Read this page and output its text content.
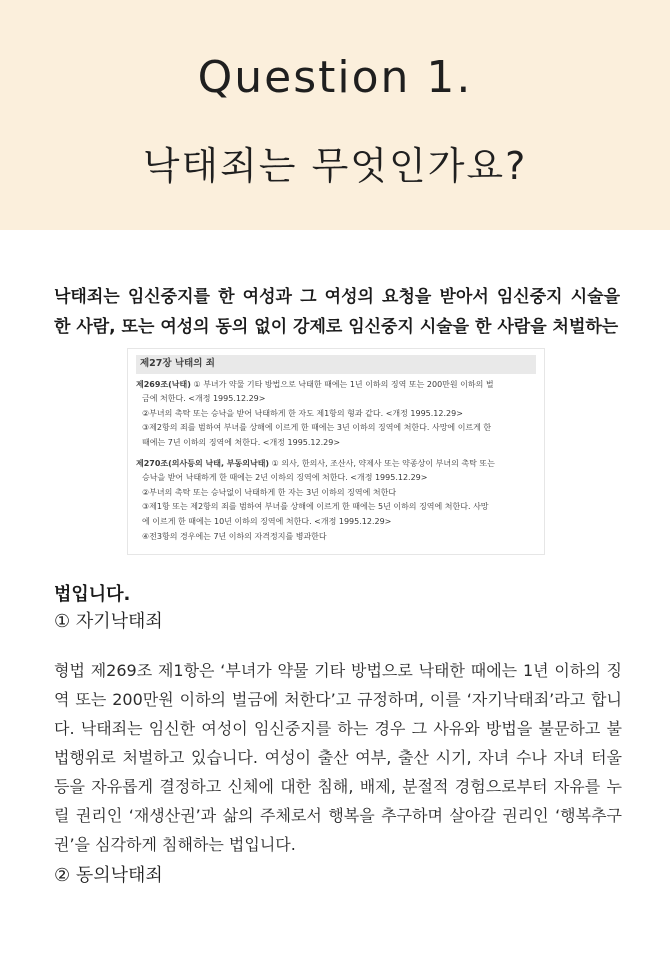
Question 1.
낙태죄는 무엇인가요?
낙태죄는 임신중지를 한 여성과 그 여성의 요청을 받아서 임신중지 시술을 한 사람, 또는 여성의 동의 없이 강제로 임신중지 시술을 한 사람을 처벌하는
제27장 낙태의 죄
제269조(낙태) ① 부녀가 약물 기타 방법으로 낙태한 때에는 1년 이하의 징역 또는 200만원 이하의 벌
금에 처한다. <개정 1995.12.29>
②부녀의 촉탁 또는 승낙을 받어 낙태하게 한 자도 제1항의 형과 같다. <개정 1995.12.29>
③제2항의 죄를 범하여 부녀를 상해에 이르게 한 때에는 3년 이하의 징역에 처한다. 사망에 이르게 한
때에는 7년 이하의 징역에 처한다. <개정 1995.12.29>
제270조(의사등의 낙태, 부동의낙태) ① 의사, 한의사, 조산사, 약제사 또는 약종상이 부녀의 촉탁 또는
승낙을 받어 낙태하게 한 때에는 2년 이하의 징역에 처한다. <개정 1995.12.29>
②부녀의 촉탁 또는 승낙없이 낙태하게 한 자는 3년 이하의 징역에 처한다
③제1항 또는 제2항의 죄를 범하여 부녀를 상해에 이르게 한 때에는 5년 이하의 징역에 처한다. 사망
에 이르게 한 때에는 10년 이하의 징역에 처한다. <개정 1995.12.29>
④전3항의 경우에는 7년 이하의 자격정지를 병과한다
법입니다.
① 자기낙태죄
형법 제269조 제1항은 ‘부녀가 약물 기타 방법으로 낙태한 때에는 1년 이하의 징역 또는 200만원 이하의 벌금에 처한다’고 규정하며, 이를 ‘자기낙태죄’라고 합니다. 낙태죄는 임신한 여성이 임신중지를 하는 경우 그 사유와 방법을 불문하고 불법행위로 처벌하고 있습니다. 여성이 출산 여부, 출산 시기, 자녀 수나 자녀 터울 등을 자유롭게 결정하고 신체에 대한 침해, 배제, 분절적 경험으로부터 자유를 누릴 권리인 ‘재생산권’과 삶의 주체로서 행복을 추구하며 살아갈 권리인 ‘행복추구권’을 심각하게 침해하는 법입니다.
② 동의낙태죄
